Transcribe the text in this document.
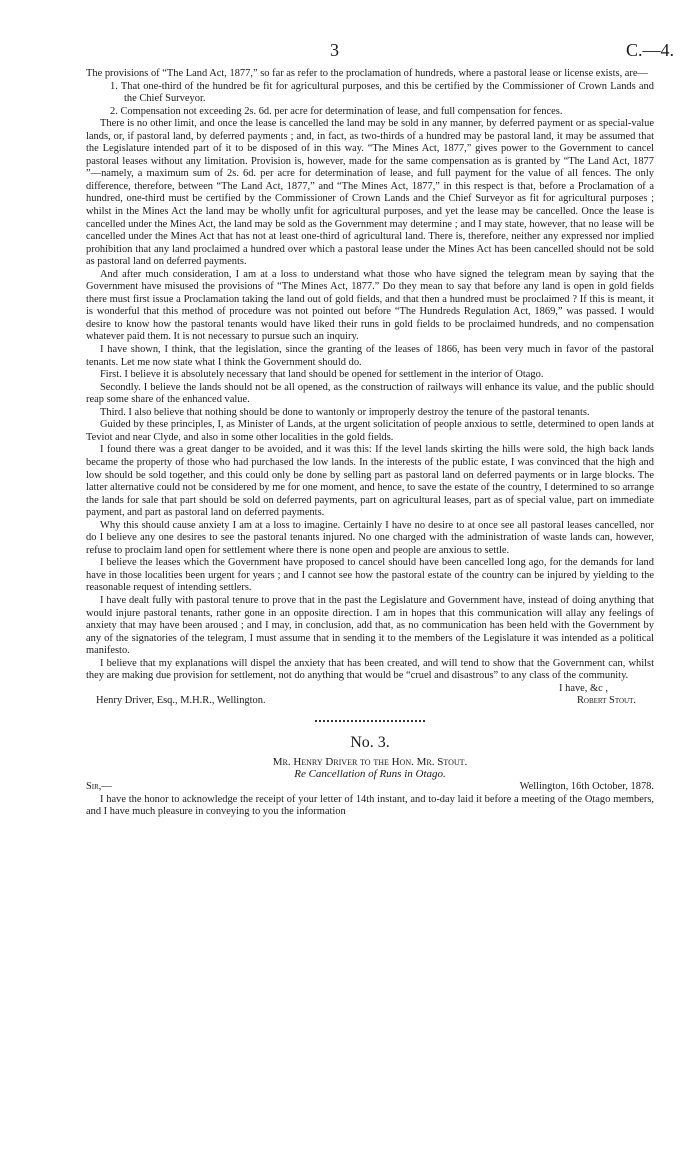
3	C.—4.

The provisions of “The Land Act, 1877,” so far as refer to the proclamation of hundreds, where a pastoral lease or license exists, are—

1. That one-third of the hundred be fit for agricultural purposes, and this be certified by the Commissioner of Crown Lands and the Chief Surveyor.

2. Compensation not exceeding 2s. 6d. per acre for determination of lease, and full compensation for fences.

There is no other limit, and once the lease is cancelled the land may be sold in any manner, by deferred payment or as special-value lands, or, if pastoral land, by deferred payments ; and, in fact, as two-thirds of a hundred may be pastoral land, it may be assumed that the Legislature intended part of it to be disposed of in this way. “The Mines Act, 1877,” gives power to the Government to cancel pastoral leases without any limitation. Provision is, however, made for the same compensation as is granted by “The Land Act, 1877 ”—namely, a maximum sum of 2s. 6d. per acre for determination of lease, and full payment for the value of all fences. The only difference, therefore, between “The Land Act, 1877,” and “The Mines Act, 1877,” in this respect is that, before a Proclamation of a hundred, one-third must be certified by the Commissioner of Crown Lands and the Chief Surveyor as fit for agricultural purposes ; whilst in the Mines Act the land may be wholly unfit for agricultural purposes, and yet the lease may be cancelled. Once the lease is cancelled under the Mines Act, the land may be sold as the Government may determine ; and I may state, however, that no lease will be cancelled under the Mines Act that has not at least one-third of agricultural land. There is, therefore, neither any expressed nor implied prohibition that any land proclaimed a hundred over which a pastoral lease under the Mines Act has been cancelled should not be sold as pastoral land on deferred payments.

And after much consideration, I am at a loss to understand what those who have signed the telegram mean by saying that the Government have misused the provisions of “The Mines Act, 1877.” Do they mean to say that before any land is open in gold fields there must first issue a Proclamation taking the land out of gold fields, and that then a hundred must be proclaimed ? If this is meant, it is wonderful that this method of procedure was not pointed out before “The Hundreds Regulation Act, 1869,” was passed. I would desire to know how the pastoral tenants would have liked their runs in gold fields to be proclaimed hundreds, and no compensation whatever paid them. It is not necessary to pursue such an inquiry.

I have shown, I think, that the legislation, since the granting of the leases of 1866, has been very much in favor of the pastoral tenants. Let me now state what I think the Government should do.

First. I believe it is absolutely necessary that land should be opened for settlement in the interior of Otago.

Secondly. I believe the lands should not be all opened, as the construction of railways will enhance its value, and the public should reap some share of the enhanced value.

Third. I also believe that nothing should be done to wantonly or improperly destroy the tenure of the pastoral tenants.

Guided by these principles, I, as Minister of Lands, at the urgent solicitation of people anxious to settle, determined to open lands at Teviot and near Clyde, and also in some other localities in the gold fields.

I found there was a great danger to be avoided, and it was this: If the level lands skirting the hills were sold, the high back lands became the property of those who had purchased the low lands. In the interests of the public estate, I was convinced that the high and low should be sold together, and this could only be done by selling part as pastoral land on deferred payments or in large blocks. The latter alternative could not be considered by me for one moment, and hence, to save the estate of the country, I determined to so arrange the lands for sale that part should be sold on deferred payments, part on agricultural leases, part as of special value, part on immediate payment, and part as pastoral land on deferred payments.

Why this should cause anxiety I am at a loss to imagine. Certainly I have no desire to at once see all pastoral leases cancelled, nor do I believe any one desires to see the pastoral tenants injured. No one charged with the administration of waste lands can, however, refuse to proclaim land open for settlement where there is none open and people are anxious to settle.

I believe the leases which the Government have proposed to cancel should have been cancelled long ago, for the demands for land have in those localities been urgent for years ; and I cannot see how the pastoral estate of the country can be injured by yielding to the reasonable request of intending settlers.

I have dealt fully with pastoral tenure to prove that in the past the Legislature and Government have, instead of doing anything that would injure pastoral tenants, rather gone in an opposite direction. I am in hopes that this communication will allay any feelings of anxiety that may have been aroused ; and I may, in conclusion, add that, as no communication has been held with the Government by any of the signatories of the telegram, I must assume that in sending it to the members of the Legislature it was intended as a political manifesto.

I believe that my explanations will dispel the anxiety that has been created, and will tend to show that the Government can, whilst they are making due provision for settlement, not do anything that would be “cruel and disastrous” to any class of the community.

I have, &c ,
Henry Driver, Esq., M.H.R., Wellington.	Robert Stout.
No. 3.
Mr. Henry Driver to the Hon. Mr. Stout.
Re Cancellation of Runs in Otago.
Sir,—	Wellington, 16th October, 1878.

I have the honor to acknowledge the receipt of your letter of 14th instant, and to-day laid it before a meeting of the Otago members, and I have much pleasure in conveying to you the information
